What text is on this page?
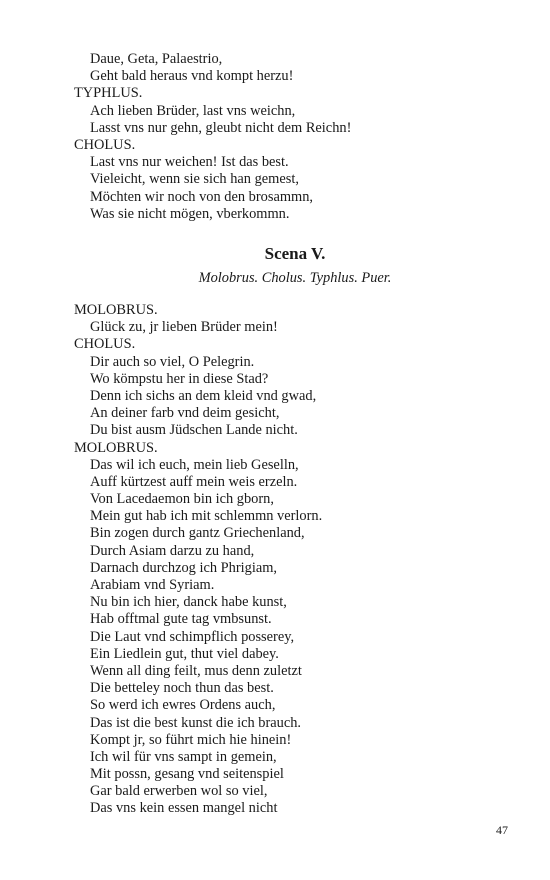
Daue, Geta, Palaestrio,
Geht bald heraus vnd kompt herzu!
TYPHLUS.
Ach lieben Brüder, last vns weichn,
Lasst vns nur gehn, gleubt nicht dem Reichn!
CHOLUS.
Last vns nur weichen! Ist das best.
Vieleicht, wenn sie sich han gemest,
Möchten wir noch von den brosammn,
Was sie nicht mögen, vberkommn.
Scena V.
Molobrus. Cholus. Typhlus. Puer.
MOLOBRUS.
Glück zu, jr lieben Brüder mein!
CHOLUS.
Dir auch so viel, O Pelegrin.
Wo kömpstu her in diese Stad?
Denn ich sichs an dem kleid vnd gwad,
An deiner farb vnd deim gesicht,
Du bist ausm Jüdschen Lande nicht.
MOLOBRUS.
Das wil ich euch, mein lieb Geselln,
Auff kürtzest auff mein weis erzeln.
Von Lacedaemon bin ich gborn,
Mein gut hab ich mit schlemmn verlorn.
Bin zogen durch gantz Griechenland,
Durch Asiam darzu zu hand,
Darnach durchzog ich Phrigiam,
Arabiam vnd Syriam.
Nu bin ich hier, danck habe kunst,
Hab offtmal gute tag vmbsunst.
Die Laut vnd schimpflich posserey,
Ein Liedlein gut, thut viel dabey.
Wenn all ding feilt, mus denn zuletzt
Die betteley noch thun das best.
So werd ich ewres Ordens auch,
Das ist die best kunst die ich brauch.
Kompt jr, so führt mich hie hinein!
Ich wil für vns sampt in gemein,
Mit possn, gesang vnd seitenspiel
Gar bald erwerben wol so viel,
Das vns kein essen mangel nicht
47
